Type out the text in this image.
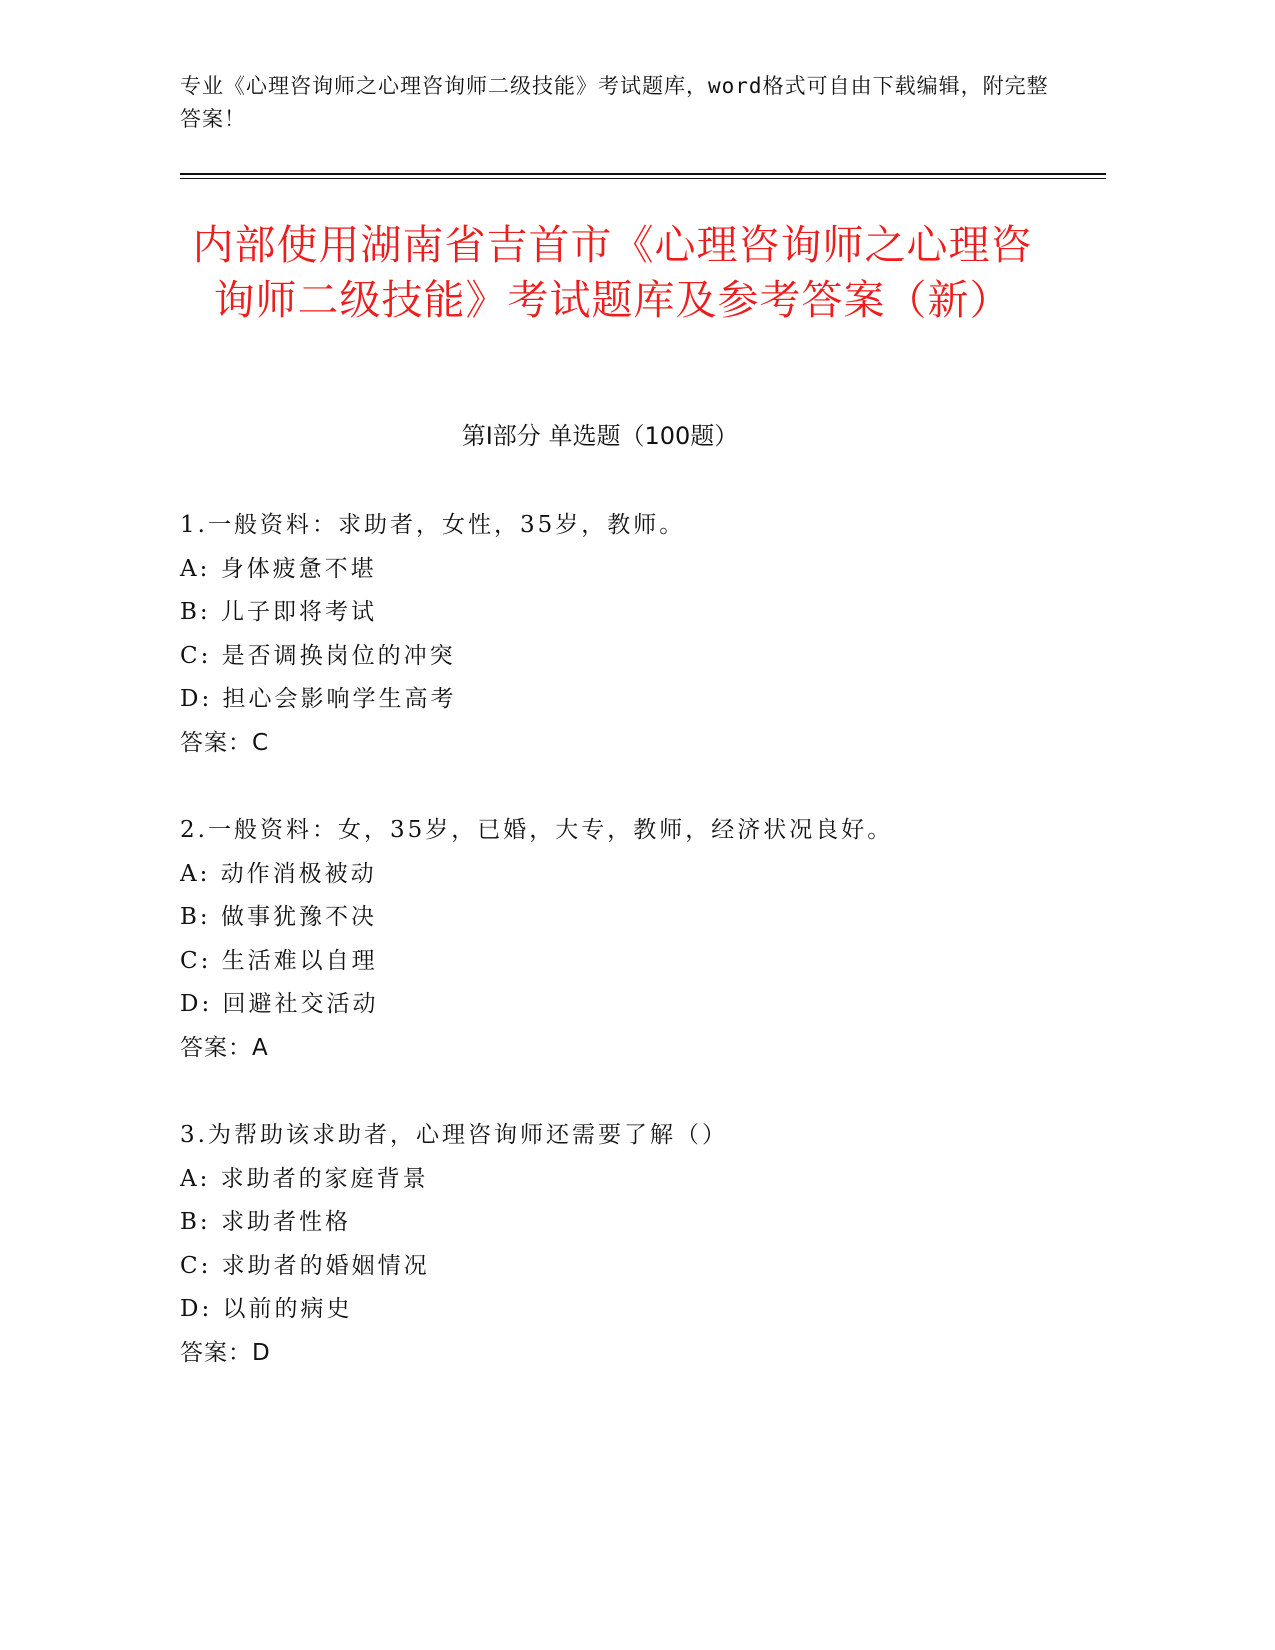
专业《心理咨询师之心理咨询师二级技能》考试题库，word格式可自由下载编辑，附完整答案！
内部使用湖南省吉首市《心理咨询师之心理咨询师二级技能》考试题库及参考答案（新）
第Ⅰ部分 单选题（100题）
1.一般资料：求助者，女性，35岁，教师。
A: 身体疲惫不堪
B: 儿子即将考试
C: 是否调换岗位的冲突
D: 担心会影响学生高考
答案：C
2.一般资料：女，35岁，已婚，大专，教师，经济状况良好。
A: 动作消极被动
B: 做事犹豫不决
C: 生活难以自理
D: 回避社交活动
答案：A
3.为帮助该求助者，心理咨询师还需要了解（）
A: 求助者的家庭背景
B: 求助者性格
C: 求助者的婚姻情况
D: 以前的病史
答案：D
